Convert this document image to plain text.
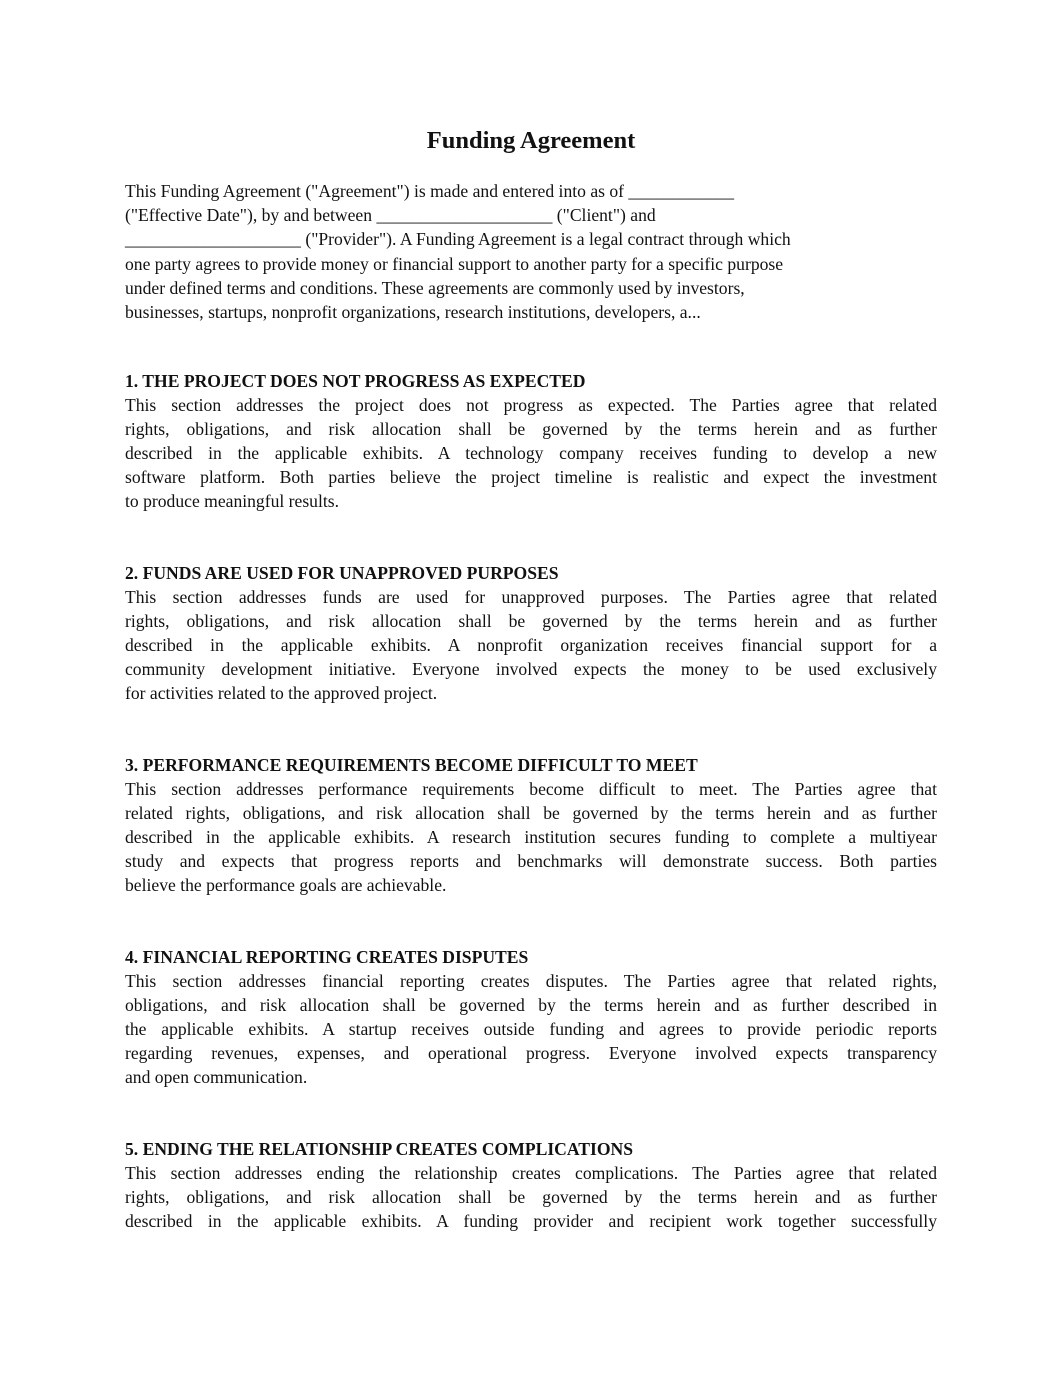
Funding Agreement

This Funding Agreement ("Agreement") is made and entered into as of ____________
("Effective Date"), by and between ____________________ ("Client") and
____________________ ("Provider"). A Funding Agreement is a legal contract through which
one party agrees to provide money or financial support to another party for a specific purpose
under defined terms and conditions. These agreements are commonly used by investors,
businesses, startups, nonprofit organizations, research institutions, developers, a...

1. THE PROJECT DOES NOT PROGRESS AS EXPECTED

This section addresses the project does not progress as expected. The Parties agree that related
rights, obligations, and risk allocation shall be governed by the terms herein and as further
described in the applicable exhibits. A technology company receives funding to develop a new
software platform. Both parties believe the project timeline is realistic and expect the investment
to produce meaningful results.

2. FUNDS ARE USED FOR UNAPPROVED PURPOSES

This section addresses funds are used for unapproved purposes. The Parties agree that related
rights, obligations, and risk allocation shall be governed by the terms herein and as further
described in the applicable exhibits. A nonprofit organization receives financial support for a
community development initiative. Everyone involved expects the money to be used exclusively
for activities related to the approved project.

3. PERFORMANCE REQUIREMENTS BECOME DIFFICULT TO MEET

This section addresses performance requirements become difficult to meet. The Parties agree that
related rights, obligations, and risk allocation shall be governed by the terms herein and as further
described in the applicable exhibits. A research institution secures funding to complete a multiyear
study and expects that progress reports and benchmarks will demonstrate success. Both parties
believe the performance goals are achievable.

4. FINANCIAL REPORTING CREATES DISPUTES

This section addresses financial reporting creates disputes. The Parties agree that related rights,
obligations, and risk allocation shall be governed by the terms herein and as further described in
the applicable exhibits. A startup receives outside funding and agrees to provide periodic reports
regarding revenues, expenses, and operational progress. Everyone involved expects transparency
and open communication.

5. ENDING THE RELATIONSHIP CREATES COMPLICATIONS

This section addresses ending the relationship creates complications. The Parties agree that related
rights, obligations, and risk allocation shall be governed by the terms herein and as further
described in the applicable exhibits. A funding provider and recipient work together successfully
